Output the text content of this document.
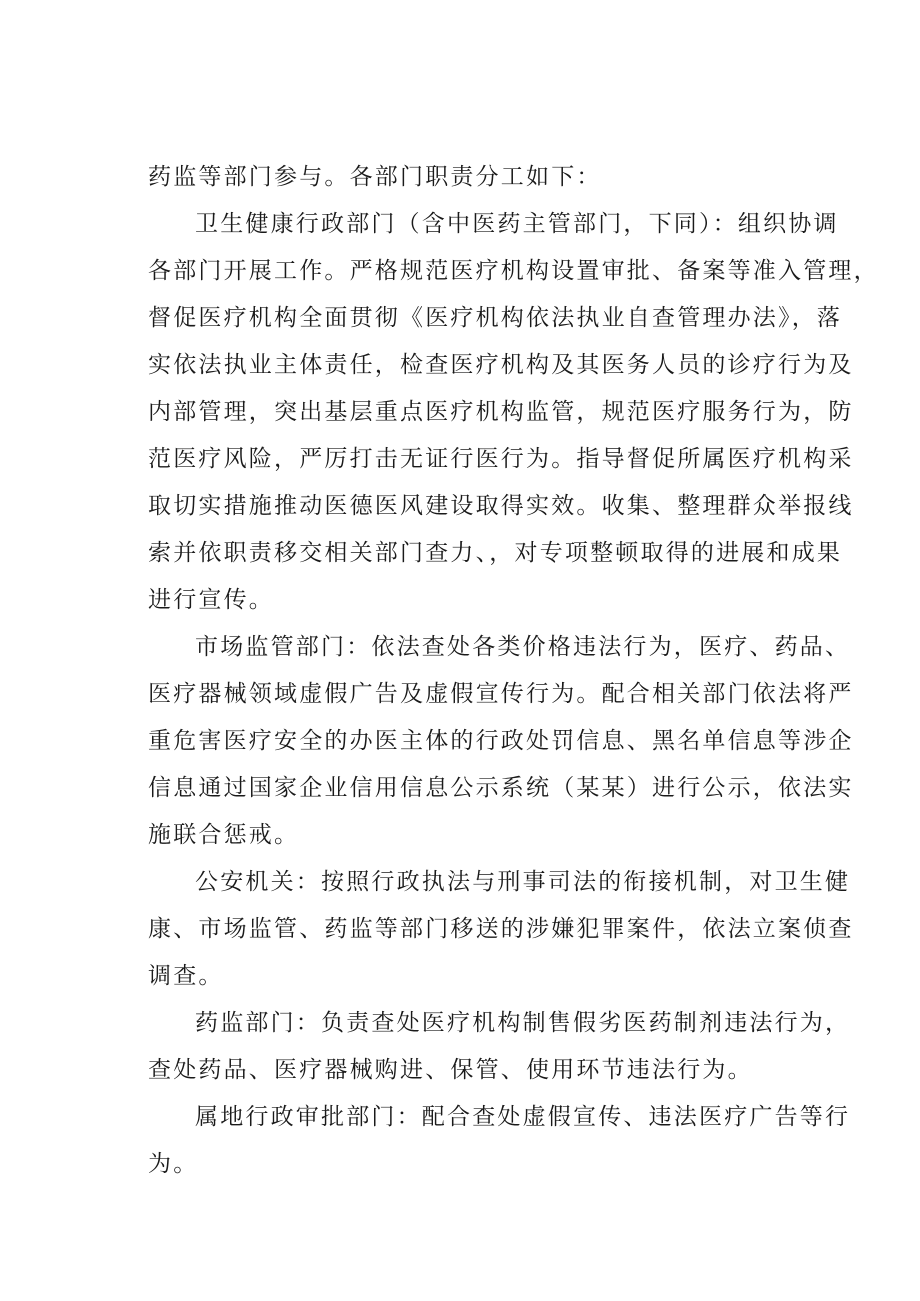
药监等部门参与。各部门职责分工如下：
卫生健康行政部门（含中医药主管部门，下同）：组织协调
各部门开展工作。严格规范医疗机构设置审批、备案等准入管理，
督促医疗机构全面贯彻《医疗机构依法执业自查管理办法》，落
实依法执业主体责任，检查医疗机构及其医务人员的诊疗行为及
内部管理，突出基层重点医疗机构监管，规范医疗服务行为，防
范医疗风险，严厉打击无证行医行为。指导督促所属医疗机构采
取切实措施推动医德医风建设取得实效。收集、整理群众举报线
索并依职责移交相关部门查力、，对专项整顿取得的进展和成果
进行宣传。
市场监管部门：依法查处各类价格违法行为，医疗、药品、
医疗器械领域虚假广告及虚假宣传行为。配合相关部门依法将严
重危害医疗安全的办医主体的行政处罚信息、黑名单信息等涉企
信息通过国家企业信用信息公示系统（某某）进行公示，依法实
施联合惩戒。
公安机关：按照行政执法与刑事司法的衔接机制，对卫生健
康、市场监管、药监等部门移送的涉嫌犯罪案件，依法立案侦查
调查。
药监部门：负责查处医疗机构制售假劣医药制剂违法行为，
查处药品、医疗器械购进、保管、使用环节违法行为。
属地行政审批部门：配合查处虚假宣传、违法医疗广告等行
为。
